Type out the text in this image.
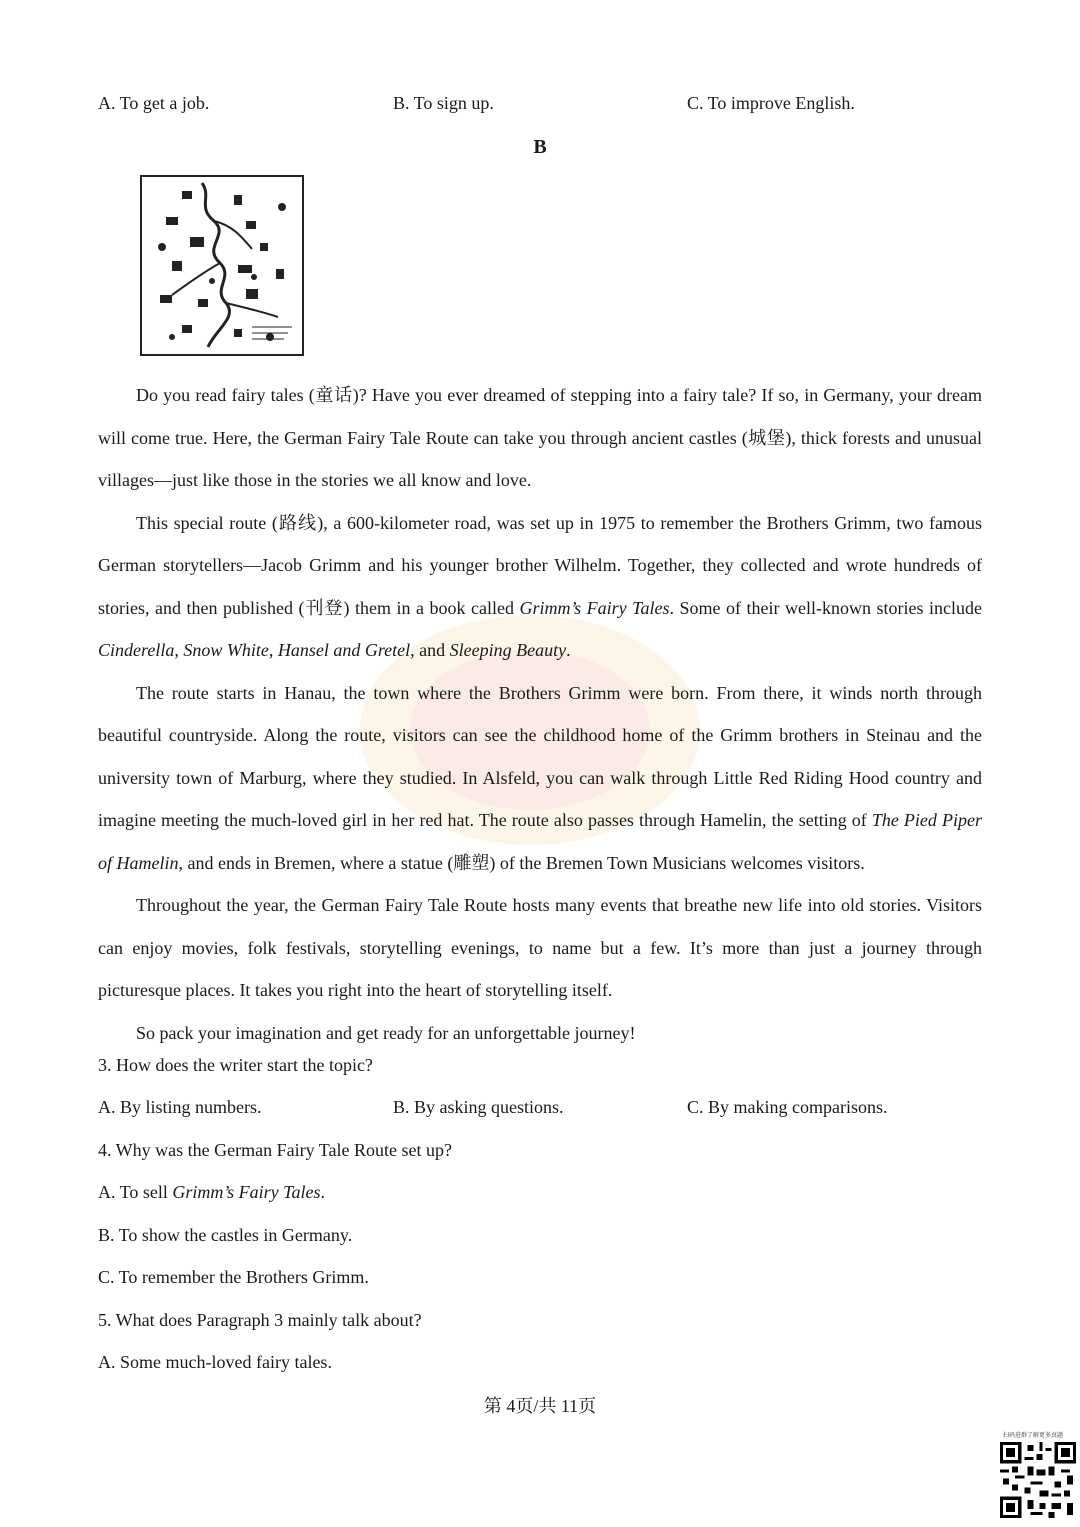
A. To get a job.	B. To sign up.	C. To improve English.
B

Do you read fairy tales (童话)? Have you ever dreamed of stepping into a fairy tale? If so, in Germany, your dream will come true. Here, the German Fairy Tale Route can take you through ancient castles (城堡), thick forests and unusual villages—just like those in the stories we all know and love.

This special route (路线), a 600-kilometer road, was set up in 1975 to remember the Brothers Grimm, two famous German storytellers—Jacob Grimm and his younger brother Wilhelm. Together, they collected and wrote hundreds of stories, and then published (刊登) them in a book called Grimm’s Fairy Tales. Some of their well-known stories include Cinderella, Snow White, Hansel and Gretel, and Sleeping Beauty.

The route starts in Hanau, the town where the Brothers Grimm were born. From there, it winds north through beautiful countryside. Along the route, visitors can see the childhood home of the Grimm brothers in Steinau and the university town of Marburg, where they studied. In Alsfeld, you can walk through Little Red Riding Hood country and imagine meeting the much-loved girl in her red hat. The route also passes through Hamelin, the setting of The Pied Piper of Hamelin, and ends in Bremen, where a statue (雕塑) of the Bremen Town Musicians welcomes visitors.

Throughout the year, the German Fairy Tale Route hosts many events that breathe new life into old stories. Visitors can enjoy movies, folk festivals, storytelling evenings, to name but a few. It’s more than just a journey through picturesque places. It takes you right into the heart of storytelling itself.

So pack your imagination and get ready for an unforgettable journey!

3. How does the writer start the topic?
A. By listing numbers.	B. By asking questions.	C. By making comparisons.
4. Why was the German Fairy Tale Route set up?
A. To sell Grimm’s Fairy Tales.
B. To show the castles in Germany.
C. To remember the Brothers Grimm.
5. What does Paragraph 3 mainly talk about?
A. Some much-loved fairy tales.
第 4页/共 11页
扫码进群了解更多真题
